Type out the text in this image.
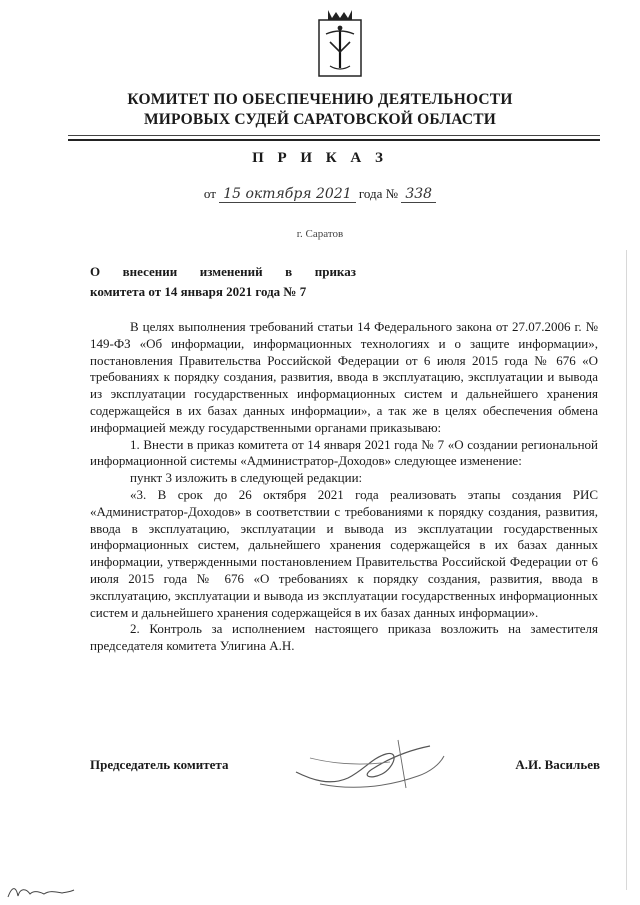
КОМИТЕТ ПО ОБЕСПЕЧЕНИЮ ДЕЯТЕЛЬНОСТИ
МИРОВЫХ СУДЕЙ САРАТОВСКОЙ ОБЛАСТИ
П Р И К А З
от 15 октября 2021 года № 338
г. Саратов
О внесении изменений в приказ
комитета от 14 января 2021 года № 7

В целях выполнения требований статьи 14 Федерального закона от 27.07.2006 г. № 149-ФЗ «Об информации, информационных технологиях и о защите информации», постановления Правительства Российской Федерации от 6 июля 2015 года № 676 «О требованиях к порядку создания, развития, ввода в эксплуатацию, эксплуатации и вывода из эксплуатации государственных информационных систем и дальнейшего хранения содержащейся в их базах данных информации», а так же в целях обеспечения обмена информацией между государственными органами приказываю:

1. Внести в приказ комитета от 14 января 2021 года № 7 «О создании региональной информационной системы «Администратор-Доходов» следующее изменение:

пункт 3 изложить в следующей редакции:

«3. В срок до 26 октября 2021 года реализовать этапы создания РИС «Администратор-Доходов» в соответствии с требованиями к порядку создания, развития, ввода в эксплуатацию, эксплуатации и вывода из эксплуатации государственных информационных систем, дальнейшего хранения содержащейся в их базах данных информации, утвержденными постановлением Правительства Российской Федерации от 6 июля 2015 года № 676 «О требованиях к порядку создания, развития, ввода в эксплуатацию, эксплуатации и вывода из эксплуатации государственных информационных систем и дальнейшего хранения содержащейся в их базах данных информации».

2. Контроль за исполнением настоящего приказа возложить на заместителя председателя комитета Улигина А.Н.

Председатель комитета	А.И. Васильев
